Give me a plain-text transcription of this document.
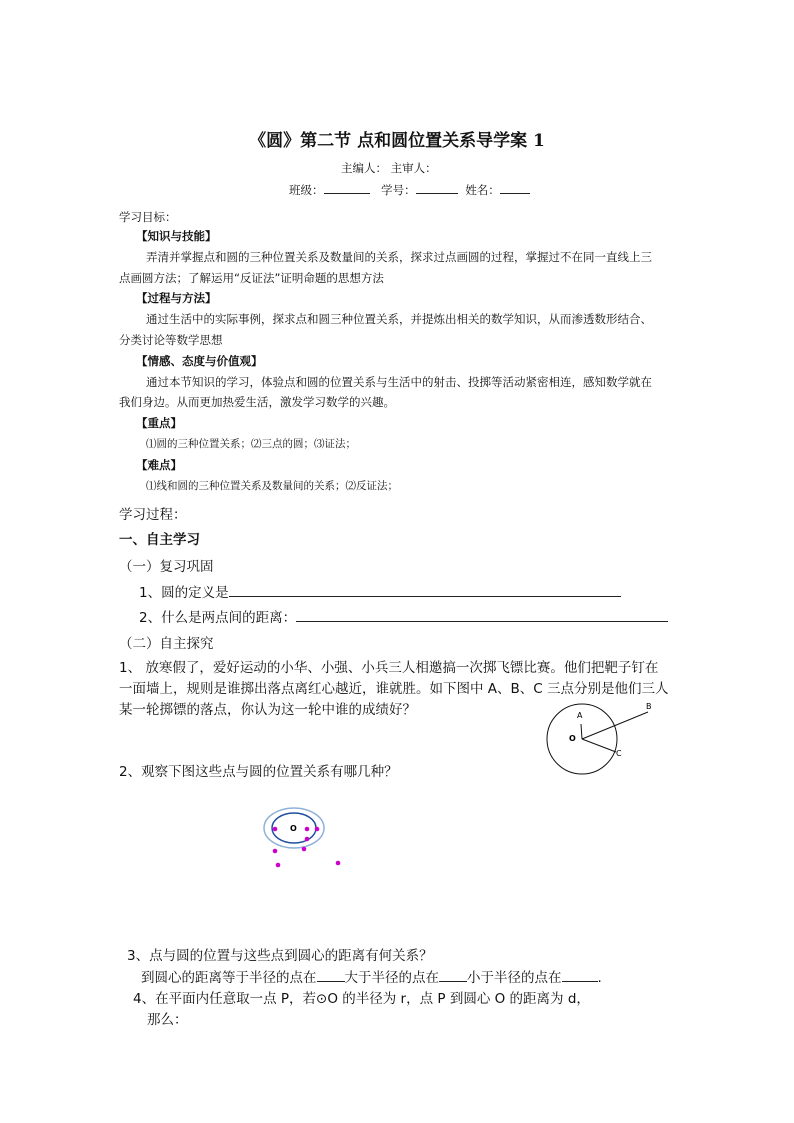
《圆》第二节 点和圆位置关系导学案 1
主编人： 主审人：
班级：	学号：	姓名：
学习目标：
【知识与技能】
弄清并掌握点和圆的三种位置关系及数量间的关系，探求过点画圆的过程，掌握过不在同一直线上三
点画圆方法；了解运用“反证法”证明命题的思想方法
【过程与方法】
通过生活中的实际事例，探求点和圆三种位置关系，并提炼出相关的数学知识，从而渗透数形结合、
分类讨论等数学思想
【情感、态度与价值观】
通过本节知识的学习，体验点和圆的位置关系与生活中的射击、投掷等活动紧密相连，感知数学就在
我们身边。从而更加热爱生活，激发学习数学的兴趣。
【重点】
⑴圆的三种位置关系；⑵三点的圆；⑶证法；
【难点】
⑴线和圆的三种位置关系及数量间的关系；⑵反证法；
学习过程：
一、自主学习
（一）复习巩固
1、圆的定义是
2、什么是两点间的距离：
（二）自主探究
1、 放寒假了，爱好运动的小华、小强、小兵三人相邀搞一次掷飞镖比赛。他们把靶子钉在
一面墙上，规则是谁掷出落点离红心越近，谁就胜。如下图中 A、B、C 三点分别是他们三人
某一轮掷镖的落点，你认为这一轮中谁的成绩好？
2、观察下图这些点与圆的位置关系有哪几种？
A
B
C
O
O
3、点与圆的位置与这些点到圆心的距离有何关系？
到圆心的距离等于半径的点在 大于半径的点在 小于半径的点在	.
4、在平面内任意取一点 P，若⊙O 的半径为 r，点 P 到圆心 O 的距离为 d，
那么：
